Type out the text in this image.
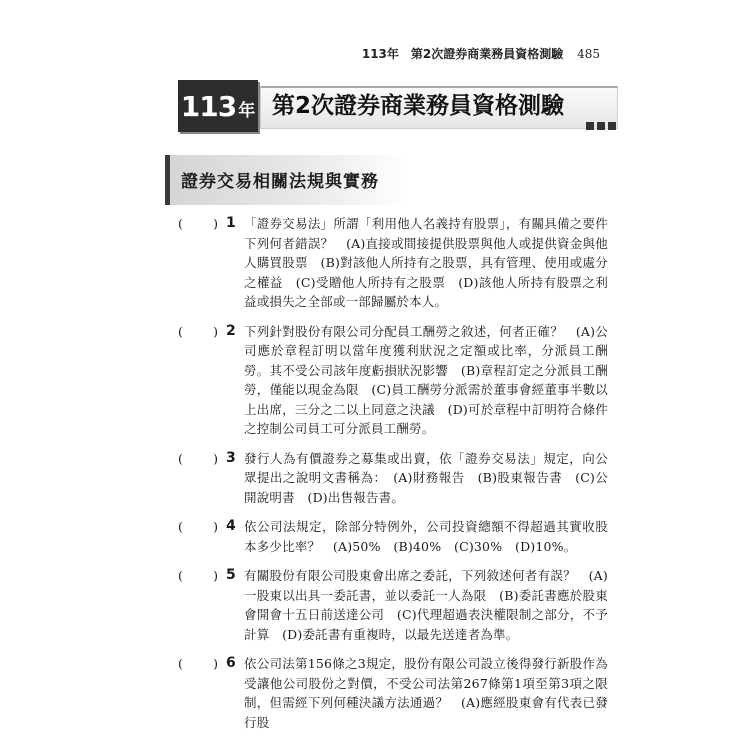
113年　第2次證券商業務員資格測驗 485
113 年 第2次證券商業務員資格測驗
證券交易相關法規與實務
( ) 1 「證券交易法」所謂「利用他人名義持有股票」，有關具備之要件下列何者錯誤？　(A)直接或間接提供股票與他人或提供資金與他人購買股票　(B)對該他人所持有之股票，具有管理、使用或處分之權益　(C)受贈他人所持有之股票　(D)該他人所持有股票之利益或損失之全部或一部歸屬於本人。
( ) 2 下列針對股份有限公司分配員工酬勞之敘述，何者正確？　(A)公司應於章程訂明以當年度獲利狀況之定額或比率，分派員工酬勞。其不受公司該年度虧損狀況影響　(B)章程訂定之分派員工酬勞，僅能以現金為限　(C)員工酬勞分派需於董事會經董事半數以上出席，三分之二以上同意之決議　(D)可於章程中訂明符合條件之控制公司員工可分派員工酬勞。
( ) 3 發行人為有價證券之募集或出賣，依「證券交易法」規定，向公眾提出之說明文書稱為：　(A)財務報告　(B)股東報告書　(C)公開說明書　(D)出售報告書。
( ) 4 依公司法規定，除部分特例外，公司投資總額不得超過其實收股本多少比率？　(A)50%　(B)40%　(C)30%　(D)10%。
( ) 5 有關股份有限公司股東會出席之委託，下列敘述何者有誤？　(A)一股東以出具一委託書，並以委託一人為限　(B)委託書應於股東會開會十五日前送達公司　(C)代理超過表決權限制之部分，不予計算　(D)委託書有重複時，以最先送達者為準。
( ) 6 依公司法第156條之3規定，股份有限公司設立後得發行新股作為受讓他公司股份之對價，不受公司法第267條第1項至第3項之限制，但需經下列何種決議方法通過？　(A)應經股東會有代表已發行股
